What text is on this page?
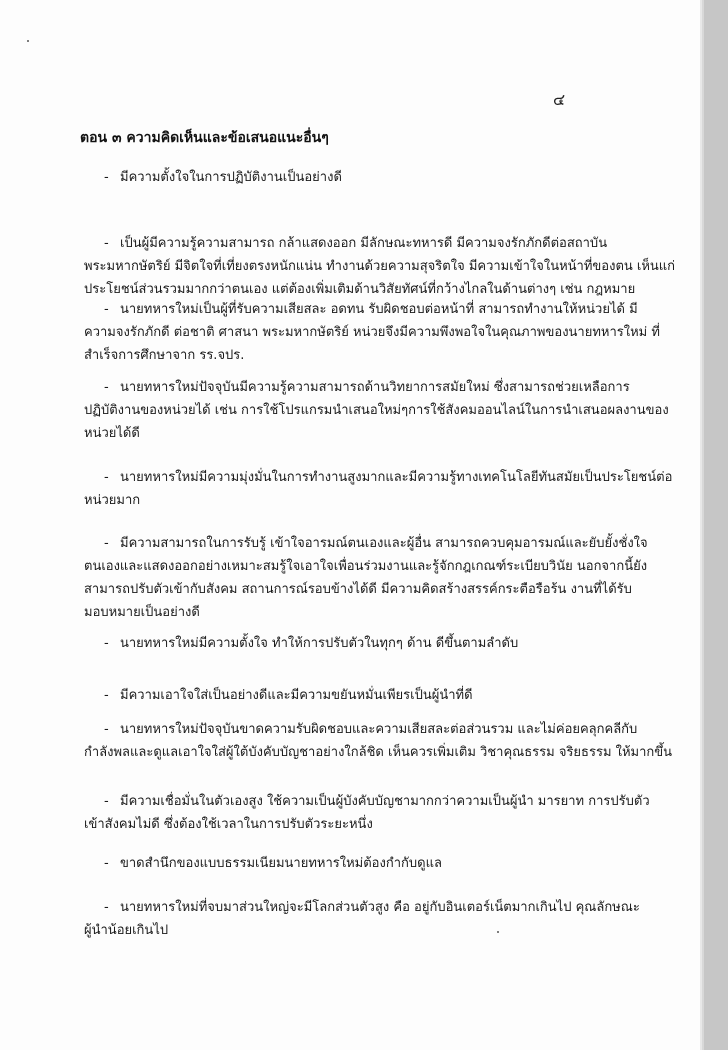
๔
ตอน ๓ ความคิดเห็นและข้อเสนอแนะอื่นๆ
- มีความตั้งใจในการปฏิบัติงานเป็นอย่างดี
- เป็นผู้มีความรู้ความสามารถ กล้าแสดงออก มีลักษณะทหารดี มีความจงรักภักดีต่อสถาบัน
พระมหากษัตริย์ มีจิตใจที่เที่ยงตรงหนักแน่น ทำงานด้วยความสุจริตใจ มีความเข้าใจในหน้าที่ของตน เห็นแก่
ประโยชน์ส่วนรวมมากกว่าตนเอง แต่ต้องเพิ่มเติมด้านวิสัยทัศน์ที่กว้างไกลในด้านต่างๆ เช่น กฎหมาย
- นายทหารใหม่เป็นผู้ที่รับความเสียสละ อดทน รับผิดชอบต่อหน้าที่ สามารถทำงานให้หน่วยได้ มี
ความจงรักภักดี ต่อชาติ ศาสนา พระมหากษัตริย์ หน่วยจึงมีความพึงพอใจในคุณภาพของนายทหารใหม่ ที่
สำเร็จการศึกษาจาก รร.จปร.
- นายทหารใหม่ปัจจุบันมีความรู้ความสามารถด้านวิทยาการสมัยใหม่ ซึ่งสามารถช่วยเหลือการ
ปฏิบัติงานของหน่วยได้ เช่น การใช้โปรแกรมนำเสนอใหม่ๆการใช้สังคมออนไลน์ในการนำเสนอผลงานของ
หน่วยได้ดี
- นายทหารใหม่มีความมุ่งมั่นในการทำงานสูงมากและมีความรู้ทางเทคโนโลยีทันสมัยเป็นประโยชน์ต่อ
หน่วยมาก
- มีความสามารถในการรับรู้ เข้าใจอารมณ์ตนเองและผู้อื่น สามารถควบคุมอารมณ์และยับยั้งชั่งใจ
ตนเองและแสดงออกอย่างเหมาะสมรู้ใจเอาใจเพื่อนร่วมงานและรู้จักกฎเกณฑ์ระเบียบวินัย นอกจากนี้ยัง
สามารถปรับตัวเข้ากับสังคม สถานการณ์รอบข้างได้ดี มีความคิดสร้างสรรค์กระตือรือร้น งานที่ได้รับ
มอบหมายเป็นอย่างดี
- นายทหารใหม่มีความตั้งใจ ทำให้การปรับตัวในทุกๆ ด้าน ดีขึ้นตามลำดับ
- มีความเอาใจใส่เป็นอย่างดีและมีความขยันหมั่นเพียรเป็นผู้นำที่ดี
- นายทหารใหม่ปัจจุบันขาดความรับผิดชอบและความเสียสละต่อส่วนรวม และไม่ค่อยคลุกคลีกับ
กำลังพลและดูแลเอาใจใส่ผู้ใต้บังคับบัญชาอย่างใกล้ชิด เห็นควรเพิ่มเติม วิชาคุณธรรม จริยธรรม ให้มากขึ้น
- มีความเชื่อมั่นในตัวเองสูง ใช้ความเป็นผู้บังคับบัญชามากกว่าความเป็นผู้นำ มารยาท การปรับตัว
เข้าสังคมไม่ดี ซึ่งต้องใช้เวลาในการปรับตัวระยะหนึ่ง
- ขาดสำนึกของแบบธรรมเนียมนายทหารใหม่ต้องกำกับดูแล
- นายทหารใหม่ที่จบมาส่วนใหญ่จะมีโลกส่วนตัวสูง คือ อยู่กับอินเตอร์เน็ตมากเกินไป คุณลักษณะ
ผู้นำน้อยเกินไป
